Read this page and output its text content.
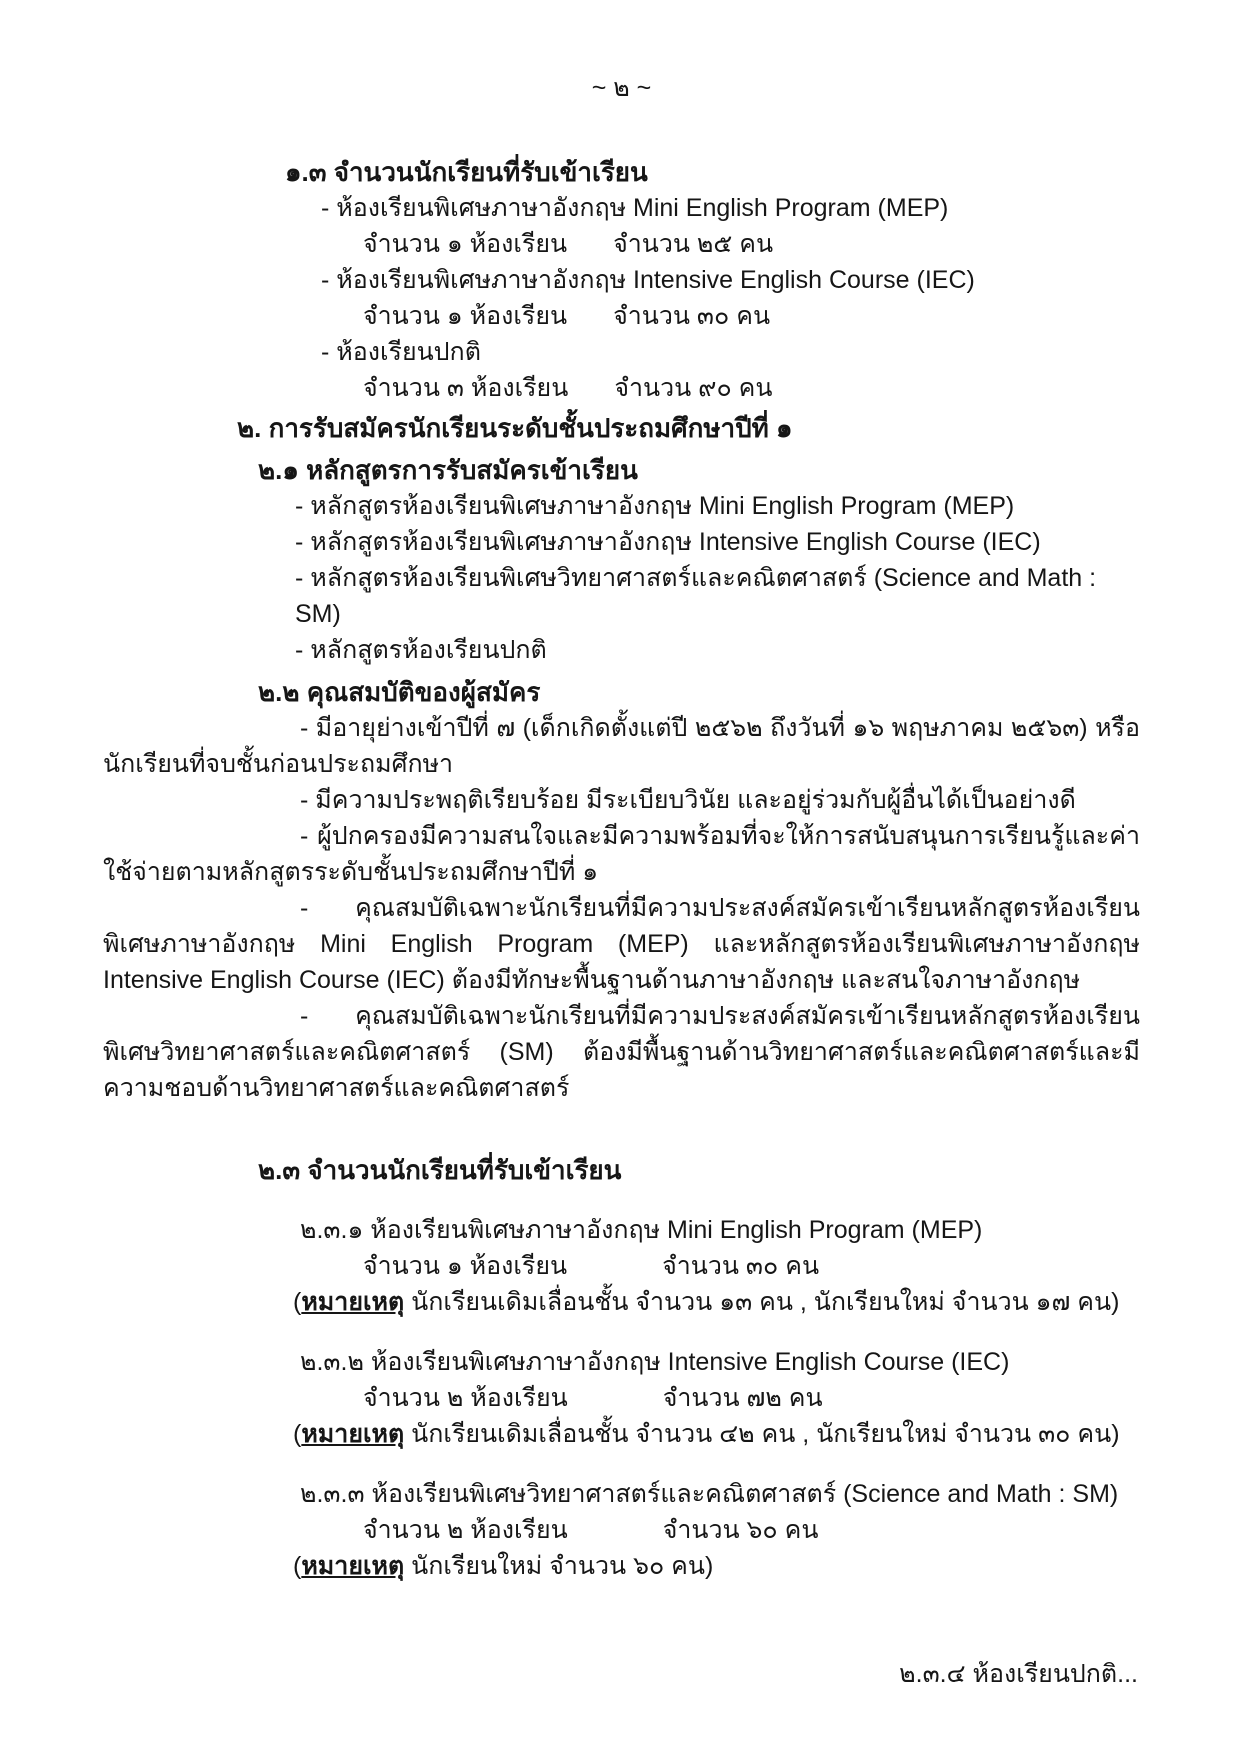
~ ๒ ~
๑.๓ จำนวนนักเรียนที่รับเข้าเรียน
- ห้องเรียนพิเศษภาษาอังกฤษ Mini English Program (MEP)
จำนวน ๑ ห้องเรียน จำนวน ๒๕ คน
- ห้องเรียนพิเศษภาษาอังกฤษ Intensive English Course (IEC)
จำนวน ๑ ห้องเรียน จำนวน ๓๐ คน
- ห้องเรียนปกติ
จำนวน ๓ ห้องเรียน จำนวน ๙๐ คน
๒. การรับสมัครนักเรียนระดับชั้นประถมศึกษาปีที่ ๑
๒.๑ หลักสูตรการรับสมัครเข้าเรียน
- หลักสูตรห้องเรียนพิเศษภาษาอังกฤษ Mini English Program (MEP)
- หลักสูตรห้องเรียนพิเศษภาษาอังกฤษ Intensive English Course (IEC)
- หลักสูตรห้องเรียนพิเศษวิทยาศาสตร์และคณิตศาสตร์ (Science and Math : SM)
- หลักสูตรห้องเรียนปกติ
๒.๒ คุณสมบัติของผู้สมัคร

- มีอายุย่างเข้าปีที่ ๗ (เด็กเกิดตั้งแต่ปี ๒๕๖๒ ถึงวันที่ ๑๖ พฤษภาคม ๒๕๖๓) หรือนักเรียนที่จบชั้นก่อนประถมศึกษา

- มีความประพฤติเรียบร้อย มีระเบียบวินัย และอยู่ร่วมกับผู้อื่นได้เป็นอย่างดี

- ผู้ปกครองมีความสนใจและมีความพร้อมที่จะให้การสนับสนุนการเรียนรู้และค่าใช้จ่ายตามหลักสูตรระดับชั้นประถมศึกษาปีที่ ๑

- คุณสมบัติเฉพาะนักเรียนที่มีความประสงค์สมัครเข้าเรียนหลักสูตรห้องเรียนพิเศษภาษาอังกฤษ Mini English Program (MEP) และหลักสูตรห้องเรียนพิเศษภาษาอังกฤษ Intensive English Course (IEC) ต้องมีทักษะพื้นฐานด้านภาษาอังกฤษ และสนใจภาษาอังกฤษ

- คุณสมบัติเฉพาะนักเรียนที่มีความประสงค์สมัครเข้าเรียนหลักสูตรห้องเรียนพิเศษวิทยาศาสตร์และคณิตศาสตร์ (SM) ต้องมีพื้นฐานด้านวิทยาศาสตร์และคณิตศาสตร์และมีความชอบด้านวิทยาศาสตร์และคณิตศาสตร์

๒.๓ จำนวนนักเรียนที่รับเข้าเรียน
๒.๓.๑ ห้องเรียนพิเศษภาษาอังกฤษ Mini English Program (MEP)
จำนวน ๑ ห้องเรียน	จำนวน ๓๐ คน
(หมายเหตุ นักเรียนเดิมเลื่อนชั้น จำนวน ๑๓ คน , นักเรียนใหม่ จำนวน ๑๗ คน)
๒.๓.๒ ห้องเรียนพิเศษภาษาอังกฤษ Intensive English Course (IEC)
จำนวน ๒ ห้องเรียน	จำนวน ๗๒ คน
(หมายเหตุ นักเรียนเดิมเลื่อนชั้น จำนวน ๔๒ คน , นักเรียนใหม่ จำนวน ๓๐ คน)
๒.๓.๓ ห้องเรียนพิเศษวิทยาศาสตร์และคณิตศาสตร์ (Science and Math : SM)
จำนวน ๒ ห้องเรียน	จำนวน ๖๐ คน
(หมายเหตุ นักเรียนใหม่ จำนวน ๖๐ คน)
๒.๓.๔ ห้องเรียนปกติ...
